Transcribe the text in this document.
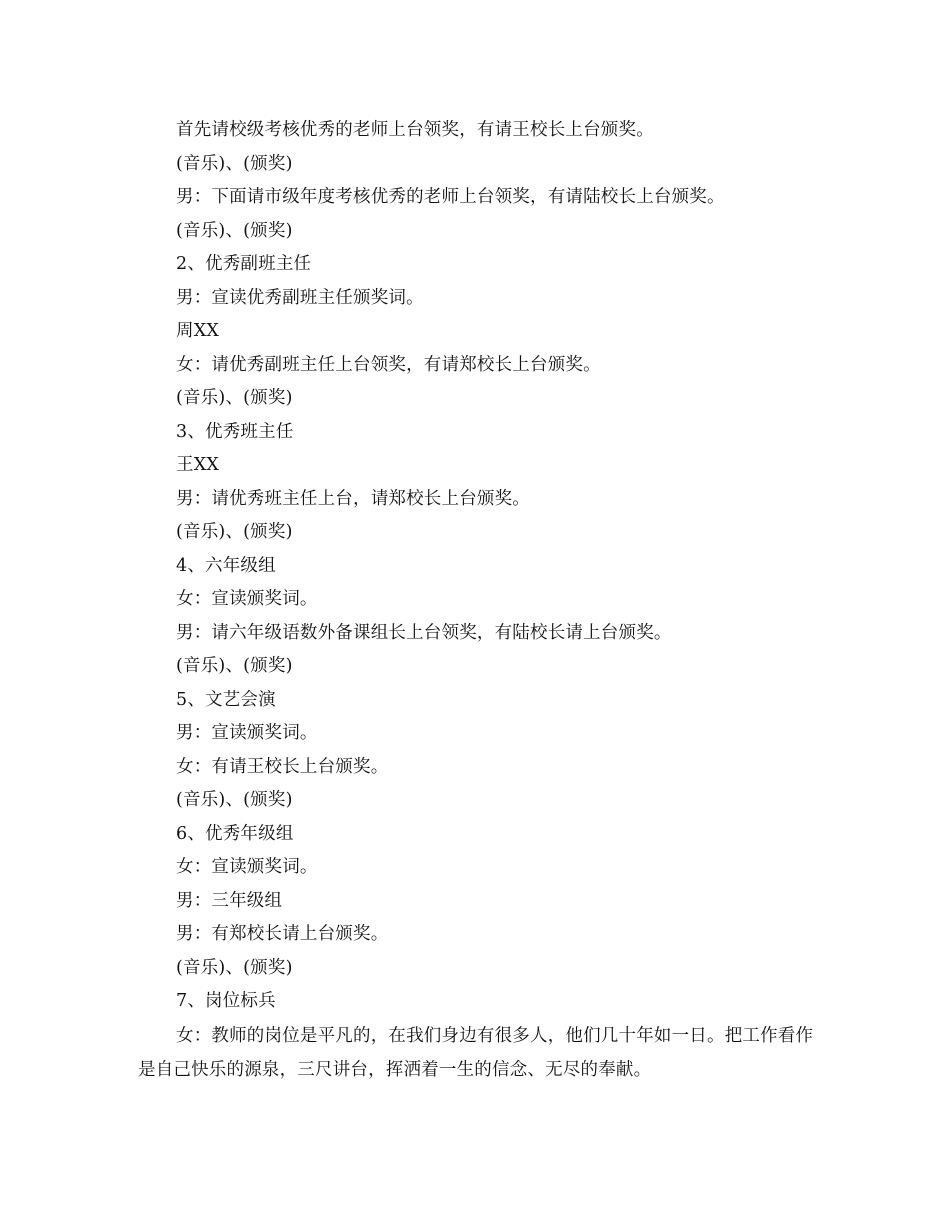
首先请校级考核优秀的老师上台领奖，有请王校长上台颁奖。
(音乐)、(颁奖)
男：下面请市级年度考核优秀的老师上台领奖，有请陆校长上台颁奖。
(音乐)、(颁奖)
2、优秀副班主任
男：宣读优秀副班主任颁奖词。
周XX
女：请优秀副班主任上台领奖，有请郑校长上台颁奖。
(音乐)、(颁奖)
3、优秀班主任
王XX
男：请优秀班主任上台，请郑校长上台颁奖。
(音乐)、(颁奖)
4、六年级组
女：宣读颁奖词。
男：请六年级语数外备课组长上台领奖，有陆校长请上台颁奖。
(音乐)、(颁奖)
5、文艺会演
男：宣读颁奖词。
女：有请王校长上台颁奖。
(音乐)、(颁奖)
6、优秀年级组
女：宣读颁奖词。
男：三年级组
男：有郑校长请上台颁奖。
(音乐)、(颁奖)
7、岗位标兵
女：教师的岗位是平凡的，在我们身边有很多人，他们几十年如一日。把工作看作是自己快乐的源泉，三尺讲台，挥洒着一生的信念、无尽的奉献。
